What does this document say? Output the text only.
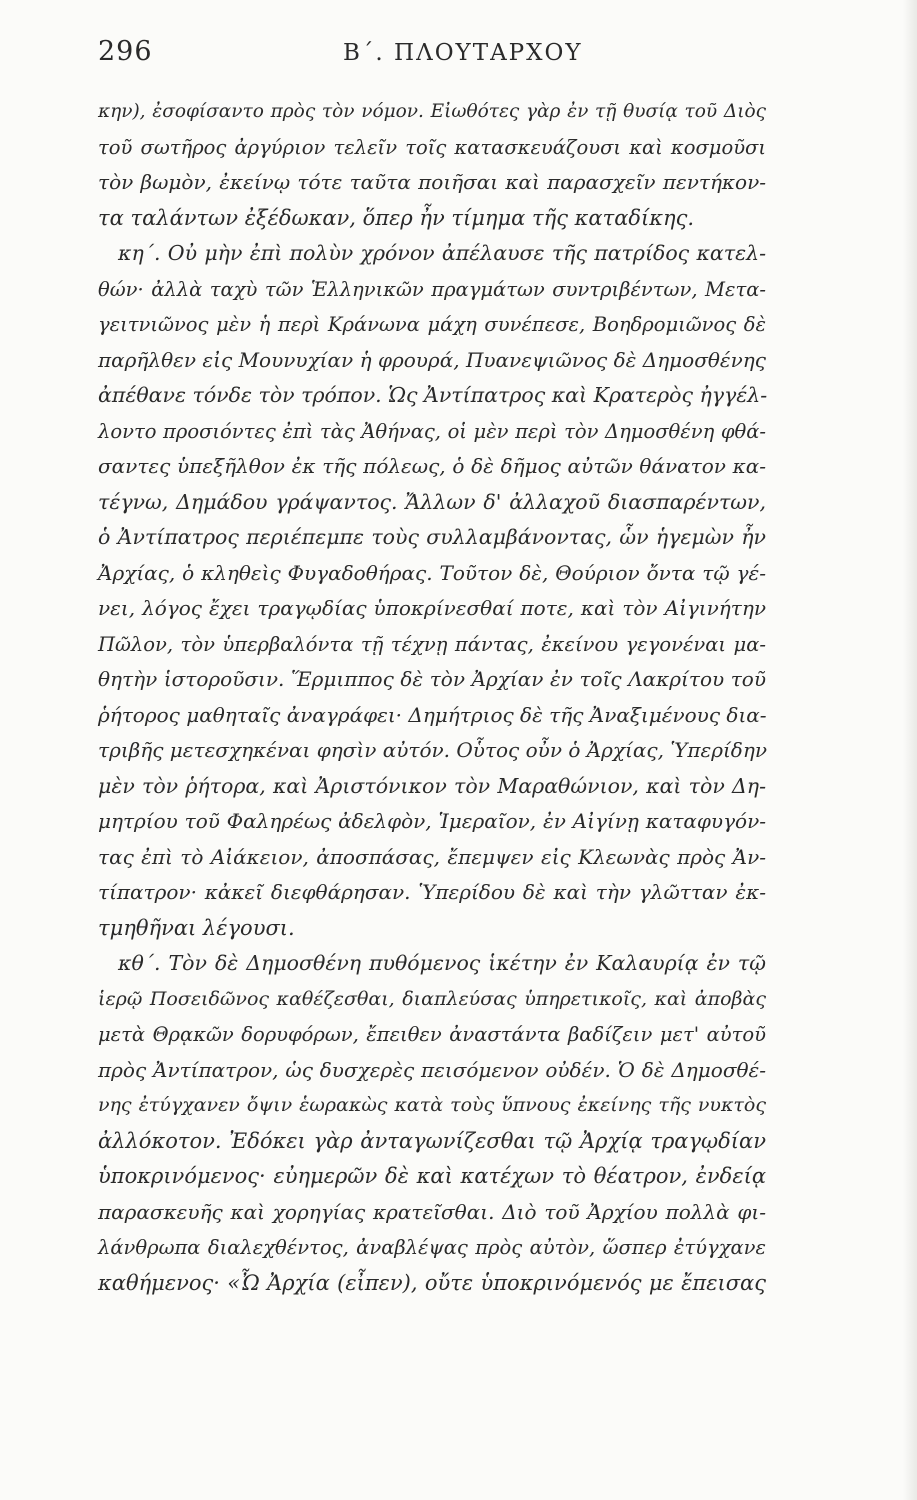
296	Β΄. ΠΛΟΥΤΑΡΧΟΥ
κην), ἐσοφίσαντο πρὸς τὸν νόμον. Εἰωθότες γὰρ ἐν τῇ θυσίᾳ τοῦ Διὸς
τοῦ σωτῆρος ἀργύριον τελεῖν τοῖς κατασκευάζουσι καὶ κοσμοῦσι
τὸν βωμὸν, ἐκείνῳ τότε ταῦτα ποιῆσαι καὶ παρασχεῖν πεντήκον-
τα ταλάντων ἐξέδωκαν, ὅπερ ἦν τίμημα τῆς καταδίκης.
κη΄. Οὐ μὴν ἐπὶ πολὺν χρόνον ἀπέλαυσε τῆς πατρίδος κατελ-
θών· ἀλλὰ ταχὺ τῶν Ἑλληνικῶν πραγμάτων συντριβέντων, Μετα-
γειτνιῶνος μὲν ἡ περὶ Κράνωνα μάχη συνέπεσε, Βοηδρομιῶνος δὲ
παρῆλθεν εἰς Μουνυχίαν ἡ φρουρά, Πυανεψιῶνος δὲ Δημοσθένης
ἀπέθανε τόνδε τὸν τρόπον. Ὡς Ἀντίπατρος καὶ Κρατερὸς ἠγγέλ-
λοντο προσιόντες ἐπὶ τὰς Ἀθήνας, οἱ μὲν περὶ τὸν Δημοσθένη φθά-
σαντες ὑπεξῆλθον ἐκ τῆς πόλεως, ὁ δὲ δῆμος αὐτῶν θάνατον κα-
τέγνω, Δημάδου γράψαντος. Ἄλλων δ' ἀλλαχοῦ διασπαρέντων,
ὁ Ἀντίπατρος περιέπεμπε τοὺς συλλαμβάνοντας, ὧν ἡγεμὼν ἦν
Ἀρχίας, ὁ κληθεὶς Φυγαδοθήρας. Τοῦτον δὲ, Θούριον ὄντα τῷ γέ-
νει, λόγος ἔχει τραγῳδίας ὑποκρίνεσθαί ποτε, καὶ τὸν Αἰγινήτην
Πῶλον, τὸν ὑπερβαλόντα τῇ τέχνῃ πάντας, ἐκείνου γεγονέναι μα-
θητὴν ἱστοροῦσιν. Ἕρμιππος δὲ τὸν Ἀρχίαν ἐν τοῖς Λακρίτου τοῦ
ῥήτορος μαθηταῖς ἀναγράφει· Δημήτριος δὲ τῆς Ἀναξιμένους δια-
τριβῆς μετεσχηκέναι φησὶν αὐτόν. Οὗτος οὖν ὁ Ἀρχίας, Ὑπερίδην
μὲν τὸν ῥήτορα, καὶ Ἀριστόνικον τὸν Μαραθώνιον, καὶ τὸν Δη-
μητρίου τοῦ Φαληρέως ἀδελφὸν, Ἱμεραῖον, ἐν Αἰγίνῃ καταφυγόν-
τας ἐπὶ τὸ Αἰάκειον, ἀποσπάσας, ἔπεμψεν εἰς Κλεωνὰς πρὸς Ἀν-
τίπατρον· κἀκεῖ διεφθάρησαν. Ὑπερίδου δὲ καὶ τὴν γλῶτταν ἐκ-
τμηθῆναι λέγουσι.
κθ΄. Τὸν δὲ Δημοσθένη πυθόμενος ἱκέτην ἐν Καλαυρίᾳ ἐν τῷ
ἱερῷ Ποσειδῶνος καθέζεσθαι, διαπλεύσας ὑπηρετικοῖς, καὶ ἀποβὰς
μετὰ Θρᾳκῶν δορυφόρων, ἔπειθεν ἀναστάντα βαδίζειν μετ' αὐτοῦ
πρὸς Ἀντίπατρον, ὡς δυσχερὲς πεισόμενον οὐδέν. Ὁ δὲ Δημοσθέ-
νης ἐτύγχανεν ὄψιν ἑωρακὼς κατὰ τοὺς ὕπνους ἐκείνης τῆς νυκτὸς
ἀλλόκοτον. Ἐδόκει γὰρ ἀνταγωνίζεσθαι τῷ Ἀρχίᾳ τραγῳδίαν
ὑποκρινόμενος· εὐημερῶν δὲ καὶ κατέχων τὸ θέατρον, ἐνδείᾳ
παρασκευῆς καὶ χορηγίας κρατεῖσθαι. Διὸ τοῦ Ἀρχίου πολλὰ φι-
λάνθρωπα διαλεχθέντος, ἀναβλέψας πρὸς αὐτὸν, ὥσπερ ἐτύγχανε
καθήμενος· «Ὦ Ἀρχία (εἶπεν), οὔτε ὑποκρινόμενός με ἔπεισας
